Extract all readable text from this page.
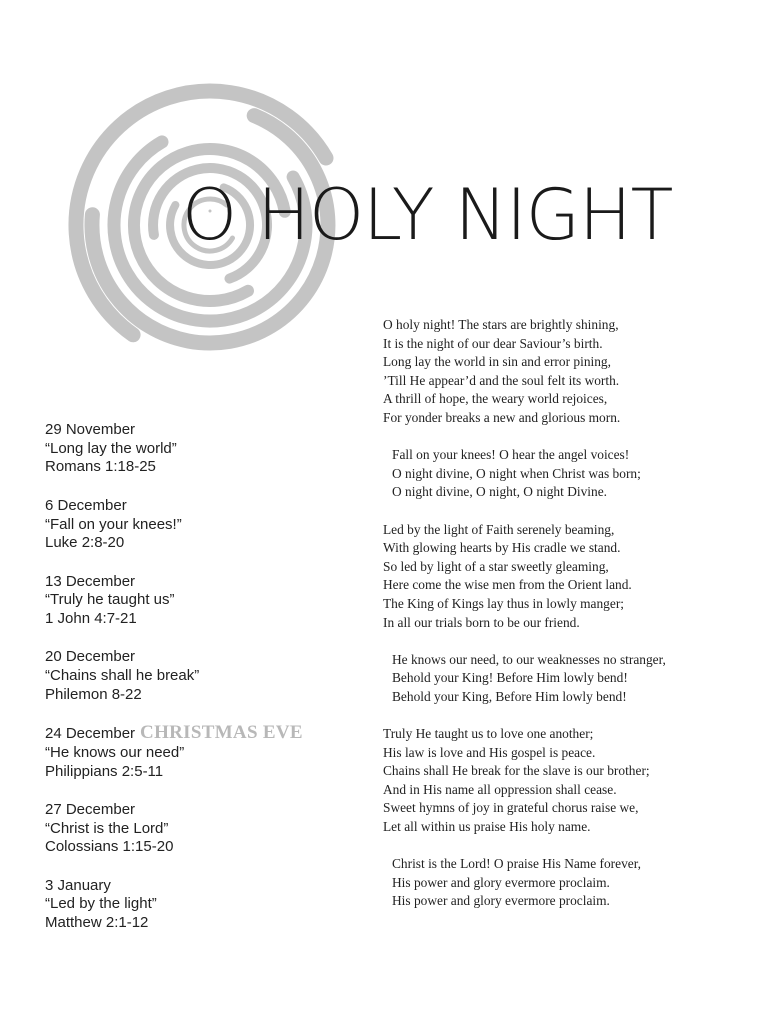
O HOLY NIGHT
29 November
“Long lay the world”
Romans 1:18-25
6 December
“Fall on your knees!”
Luke 2:8-20
13 December
“Truly he taught us”
1 John 4:7-21
20 December
“Chains shall he break”
Philemon 8-22
24 December CHRISTMAS EVE
“He knows our need”
Philippians 2:5-11
27 December
“Christ is the Lord”
Colossians 1:15-20
3 January
“Led by the light”
Matthew 2:1-12
O holy night! The stars are brightly shining,
It is the night of our dear Saviour’s birth.
Long lay the world in sin and error pining,
’Till He appear’d and the soul felt its worth.
A thrill of hope, the weary world rejoices,
For yonder breaks a new and glorious morn.
Fall on your knees! O hear the angel voices!
O night divine, O night when Christ was born;
O night divine, O night, O night Divine.
Led by the light of Faith serenely beaming,
With glowing hearts by His cradle we stand.
So led by light of a star sweetly gleaming,
Here come the wise men from the Orient land.
The King of Kings lay thus in lowly manger;
In all our trials born to be our friend.
He knows our need, to our weaknesses no stranger,
Behold your King! Before Him lowly bend!
Behold your King, Before Him lowly bend!
Truly He taught us to love one another;
His law is love and His gospel is peace.
Chains shall He break for the slave is our brother;
And in His name all oppression shall cease.
Sweet hymns of joy in grateful chorus raise we,
Let all within us praise His holy name.
Christ is the Lord! O praise His Name forever,
His power and glory evermore proclaim.
His power and glory evermore proclaim.
